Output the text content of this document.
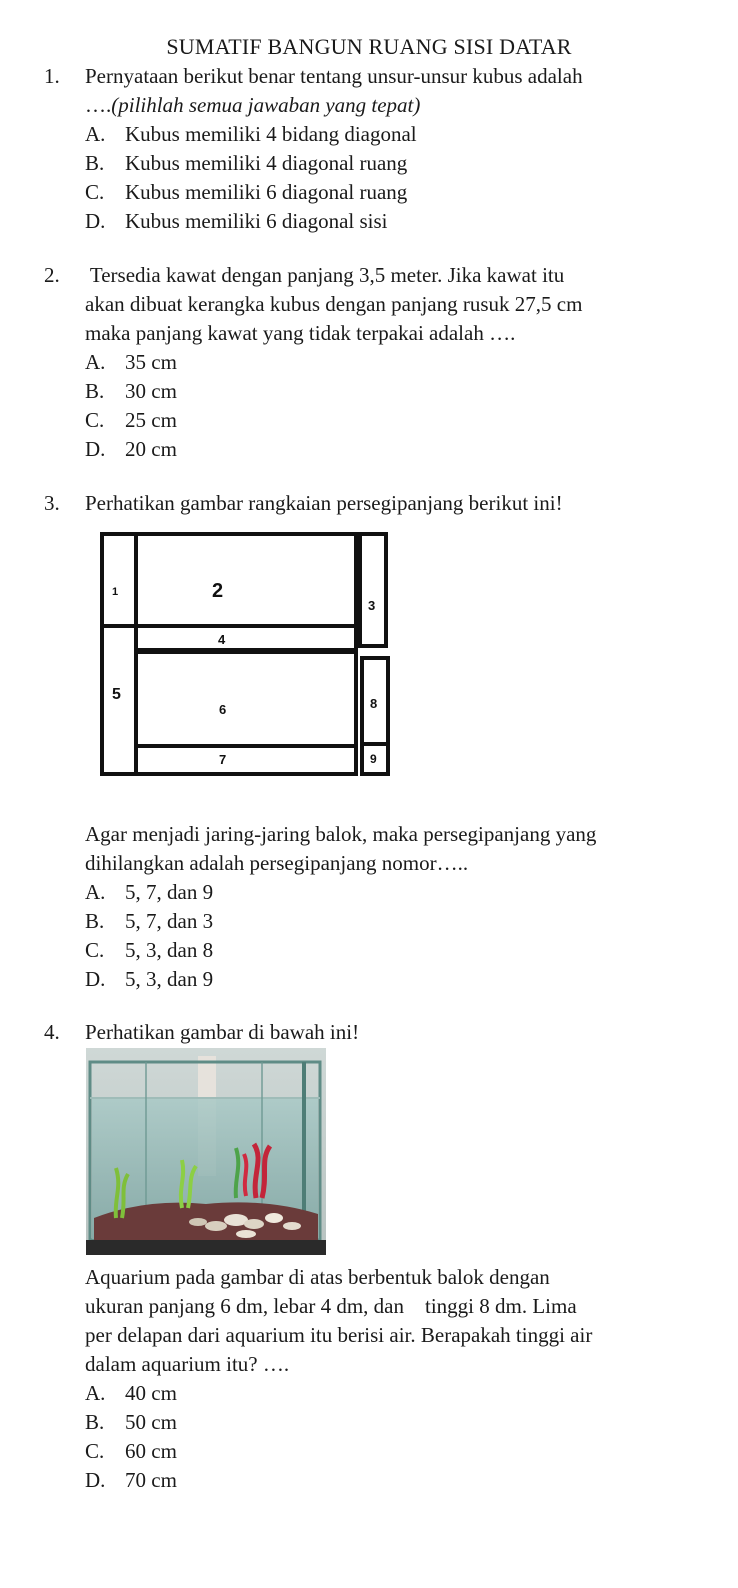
SUMATIF BANGUN RUANG SISI DATAR
1. Pernyataan berikut benar tentang unsur-unsur kubus adalah
….(pilihlah semua jawaban yang tepat)
A. Kubus memiliki 4 bidang diagonal
B. Kubus memiliki 4 diagonal ruang
C. Kubus memiliki 6 diagonal ruang
D. Kubus memiliki 6 diagonal sisi
2. Tersedia kawat dengan panjang 3,5 meter. Jika kawat itu
akan dibuat kerangka kubus dengan panjang rusuk 27,5 cm
maka panjang kawat yang tidak terpakai adalah ….
A. 35 cm
B. 30 cm
C. 25 cm
D. 20 cm
3. Perhatikan gambar rangkaian persegipanjang berikut ini!
1	2
3
4
5
6
7
8
9
Agar menjadi jaring-jaring balok, maka persegipanjang yang
dihilangkan adalah persegipanjang nomor…..
A. 5, 7, dan 9
B. 5, 7, dan 3
C. 5, 3, dan 8
D. 5, 3, dan 9
4. Perhatikan gambar di bawah ini!
Aquarium pada gambar di atas berbentuk balok dengan
ukuran panjang 6 dm, lebar 4 dm, dan    tinggi 8 dm. Lima
per delapan dari aquarium itu berisi air. Berapakah tinggi air
dalam aquarium itu? ….
A. 40 cm
B. 50 cm
C. 60 cm
D. 70 cm
